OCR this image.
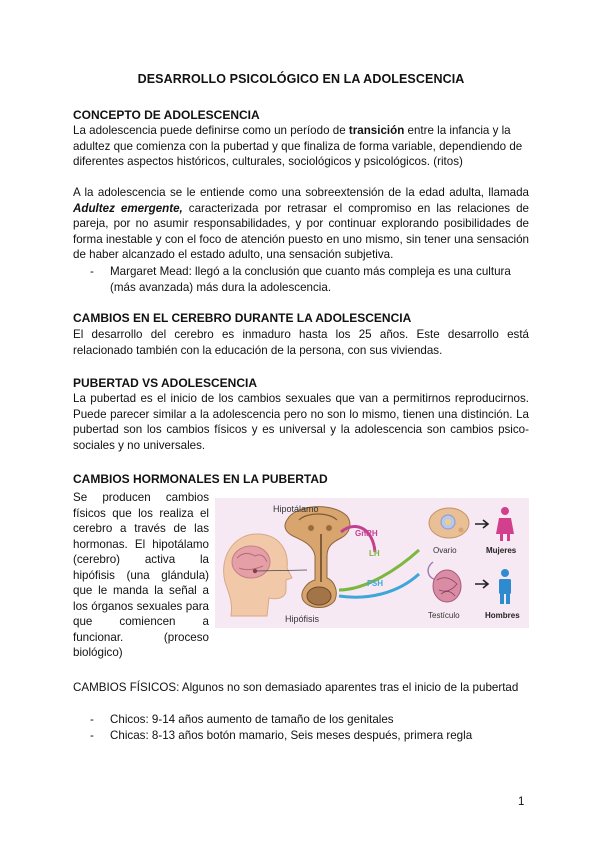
DESARROLLO PSICOLÓGICO EN LA ADOLESCENCIA
CONCEPTO DE ADOLESCENCIA

La adolescencia puede definirse como un período de transición entre la infancia y la adultez que comienza con la pubertad y que finaliza de forma variable, dependiendo de diferentes aspectos históricos, culturales, sociológicos y psicológicos. (ritos)

A la adolescencia se le entiende como una sobreextensión de la edad adulta, llamada Adultez emergente, caracterizada por retrasar el compromiso en las relaciones de pareja, por no asumir responsabilidades, y por continuar explorando posibilidades de forma inestable y con el foco de atención puesto en uno mismo, sin tener una sensación de haber alcanzado el estado adulto, una sensación subjetiva.

- Margaret Mead: llegó a la conclusión que cuanto más compleja es una cultura (más avanzada) más dura la adolescencia.
CAMBIOS EN EL CEREBRO DURANTE LA ADOLESCENCIA

El desarrollo del cerebro es inmaduro hasta los 25 años. Este desarrollo está relacionado también con la educación de la persona, con sus viviendas.

PUBERTAD VS ADOLESCENCIA

La pubertad es el inicio de los cambios sexuales que van a permitirnos reproducirnos. Puede parecer similar a la adolescencia pero no son lo mismo, tienen una distinción. La pubertad son los cambios físicos y es universal y la adolescencia son cambios psico-sociales y no universales.

CAMBIOS HORMONALES EN LA PUBERTAD
Se producen cambios físicos que los realiza el cerebro a través de las hormonas. El hipotálamo (cerebro) activa la hipófisis (una glándula) que le manda la señal a los órganos sexuales para que comiencen a funcionar. (proceso biológico)
Hipotálamo
Hipófisis
GnRH
LH
FSH
Ovario	Mujeres
Testículo	Hombres

CAMBIOS FÍSICOS: Algunos no son demasiado aparentes tras el inicio de la pubertad

- Chicos: 9-14 años aumento de tamaño de los genitales
- Chicas: 8-13 años botón mamario, Seis meses después, primera regla
1
